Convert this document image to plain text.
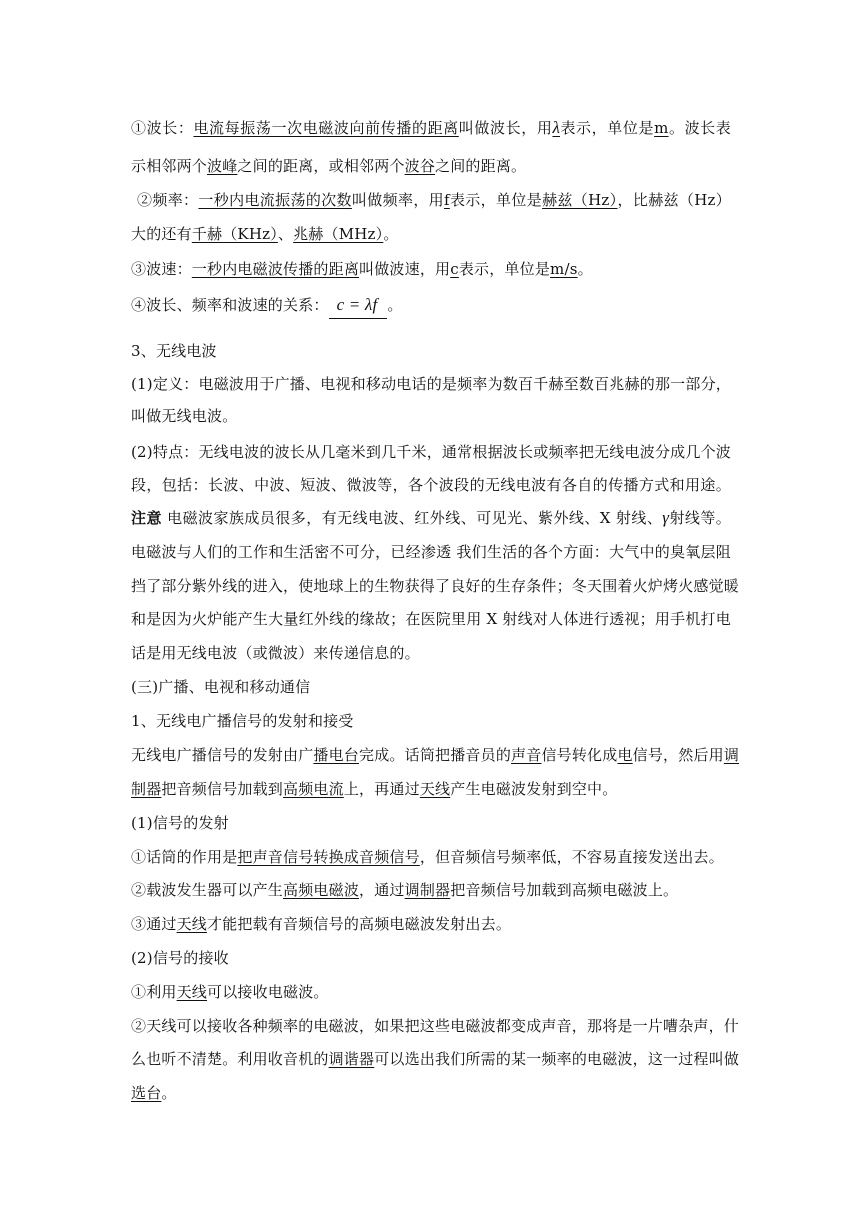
①波长：电流每振荡一次电磁波向前传播的距离叫做波长，用λ表示，单位是m。波长表
示相邻两个波峰之间的距离，或相邻两个波谷之间的距离。
②频率：一秒内电流振荡的次数叫做频率，用f表示，单位是赫兹（Hz），比赫兹（Hz）
大的还有千赫（KHz）、兆赫（MHz）。
③波速：一秒内电磁波传播的距离叫做波速，用c表示，单位是m/s。
④波长、频率和波速的关系： c = λf 。
3、无线电波
(1)定义：电磁波用于广播、电视和移动电话的是频率为数百千赫至数百兆赫的那一部分，
叫做无线电波。
(2)特点：无线电波的波长从几毫米到几千米，通常根据波长或频率把无线电波分成几个波
段，包括：长波、中波、短波、微波等，各个波段的无线电波有各自的传播方式和用途。
注意 电磁波家族成员很多，有无线电波、红外线、可见光、紫外线、X 射线、γ射线等。
电磁波与人们的工作和生活密不可分，已经渗透 我们生活的各个方面：大气中的臭氧层阻
挡了部分紫外线的进入，使地球上的生物获得了良好的生存条件；冬天围着火炉烤火感觉暖
和是因为火炉能产生大量红外线的缘故；在医院里用 X 射线对人体进行透视；用手机打电
话是用无线电波（或微波）来传递信息的。
(三)广播、电视和移动通信
1、无线电广播信号的发射和接受
无线电广播信号的发射由广播电台完成。话筒把播音员的声音信号转化成电信号，然后用调
制器把音频信号加载到高频电流上，再通过天线产生电磁波发射到空中。
(1)信号的发射
①话筒的作用是把声音信号转换成音频信号，但音频信号频率低，不容易直接发送出去。
②载波发生器可以产生高频电磁波，通过调制器把音频信号加载到高频电磁波上。
③通过天线才能把载有音频信号的高频电磁波发射出去。
(2)信号的接收
①利用天线可以接收电磁波。
②天线可以接收各种频率的电磁波，如果把这些电磁波都变成声音，那将是一片嘈杂声，什
么也听不清楚。利用收音机的调谐器可以选出我们所需的某一频率的电磁波，这一过程叫做
选台。
